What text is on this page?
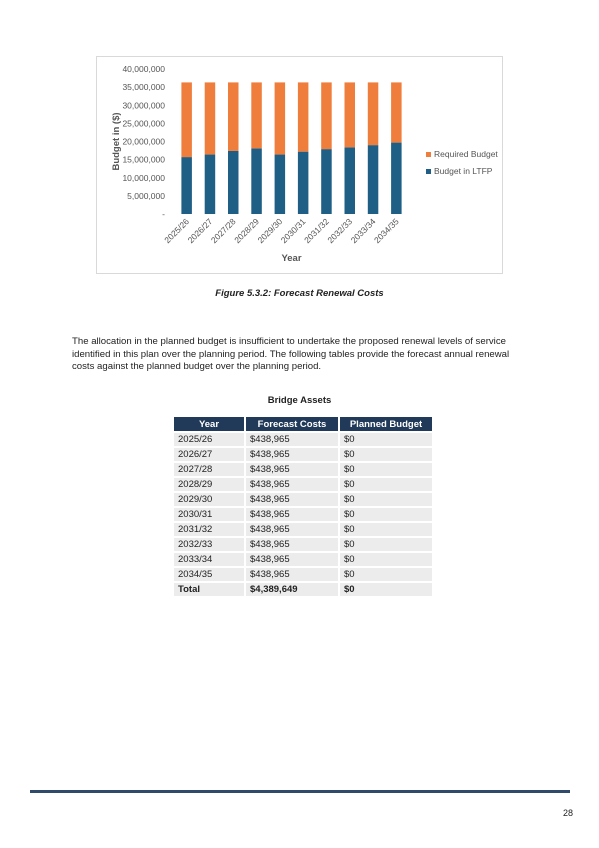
-
5,000,000
10,000,000
15,000,000
20,000,000
25,000,000
30,000,000
35,000,000
40,000,000
Budget in ($)
2025/26
2026/27
2027/28
2028/29
2029/30
2030/31
2031/32
2032/33
2033/34
2034/35
Year
Required Budget
Budget in LTFP
Figure 5.3.2: Forecast Renewal Costs
The allocation in the planned budget is insufficient to undertake the proposed renewal levels of service identified in this plan over the planning period. The following tables provide the forecast annual renewal costs against the planned budget over the planning period.
Bridge Assets
Year	Forecast Costs	Planned Budget
2025/26	$438,965	$0
2026/27	$438,965	$0
2027/28	$438,965	$0
2028/29	$438,965	$0
2029/30	$438,965	$0
2030/31	$438,965	$0
2031/32	$438,965	$0
2032/33	$438,965	$0
2033/34	$438,965	$0
2034/35	$438,965	$0
Total	$4,389,649	$0
28
